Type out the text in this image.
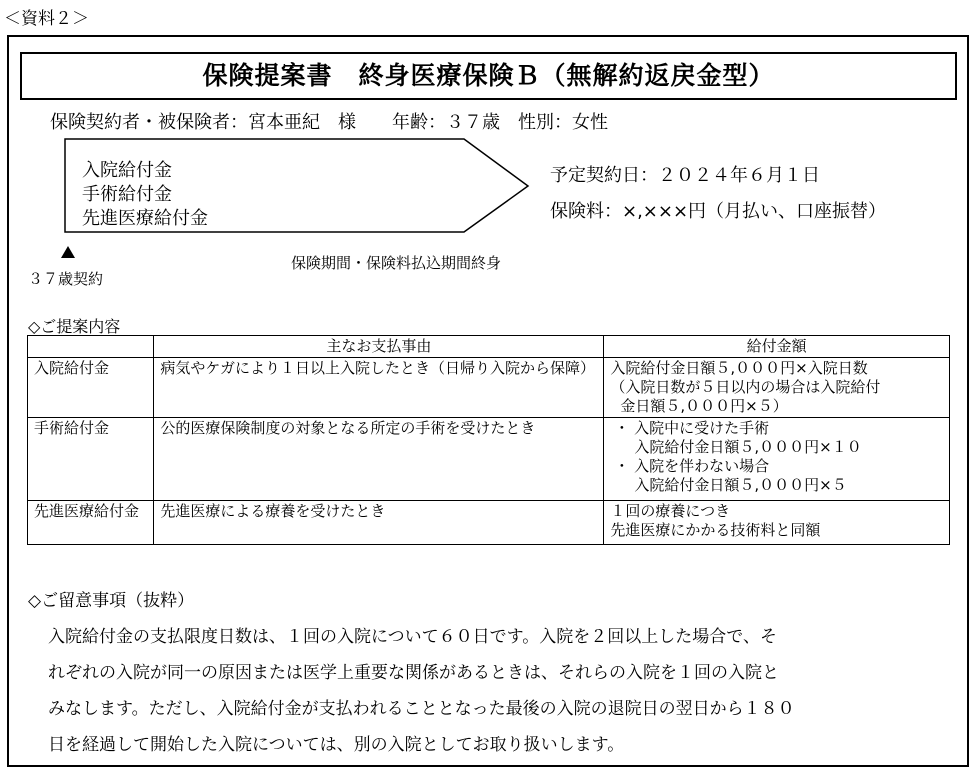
＜資料２＞
保険提案書　終身医療保険Ｂ（無解約返戻金型）
保険契約者・被保険者：宮本亜紀　様　　年齢：３７歳　性別：女性
入院給付金
手術給付金
先進医療給付金
予定契約日：２０２４年６月１日
保険料：×,×××円（月払い、口座振替）
３７歳契約
保険期間・保険料払込期間終身
◇ご提案内容
	主なお支払事由	給付金額
入院給付金	病気やケガにより１日以上入院したとき（日帰り入院から保障）	入院給付金日額５,０００円×入院日数
（入院日数が５日以内の場合は入院給付
金日額５,０００円×５）

手術給付金	公的医療保険制度の対象となる所定の手術を受けたとき	・ 入院中に受けた手術
入院給付金日額５,０００円×１０
・ 入院を伴わない場合
入院給付金日額５,０００円×５

先進医療給付金	先進医療による療養を受けたとき	１回の療養につき
先進医療にかかる技術料と同額
◇ご留意事項（抜粋）
入院給付金の支払限度日数は、１回の入院について６０日です。入院を２回以上した場合で、そ
れぞれの入院が同一の原因または医学上重要な関係があるときは、それらの入院を１回の入院と
みなします。ただし、入院給付金が支払われることとなった最後の入院の退院日の翌日から１８０
日を経過して開始した入院については、別の入院としてお取り扱いします。
